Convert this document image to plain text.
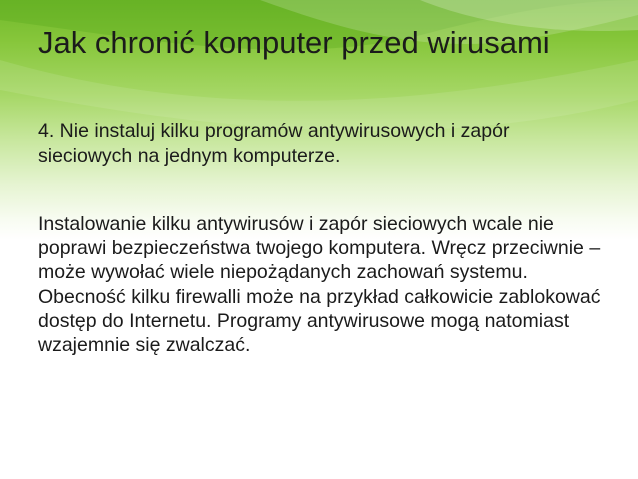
Jak chronić komputer przed wirusami

4. Nie instaluj kilku programów antywirusowych i zapór sieciowych na jednym komputerze.

Instalowanie kilku antywirusów i zapór sieciowych wcale nie poprawi bezpieczeństwa twojego komputera. Wręcz przeciwnie – może wywołać wiele niepożądanych zachowań systemu. Obecność kilku firewalli może na przykład całkowicie zablokować dostęp do Internetu. Programy antywirusowe mogą natomiast wzajemnie się zwalczać.
